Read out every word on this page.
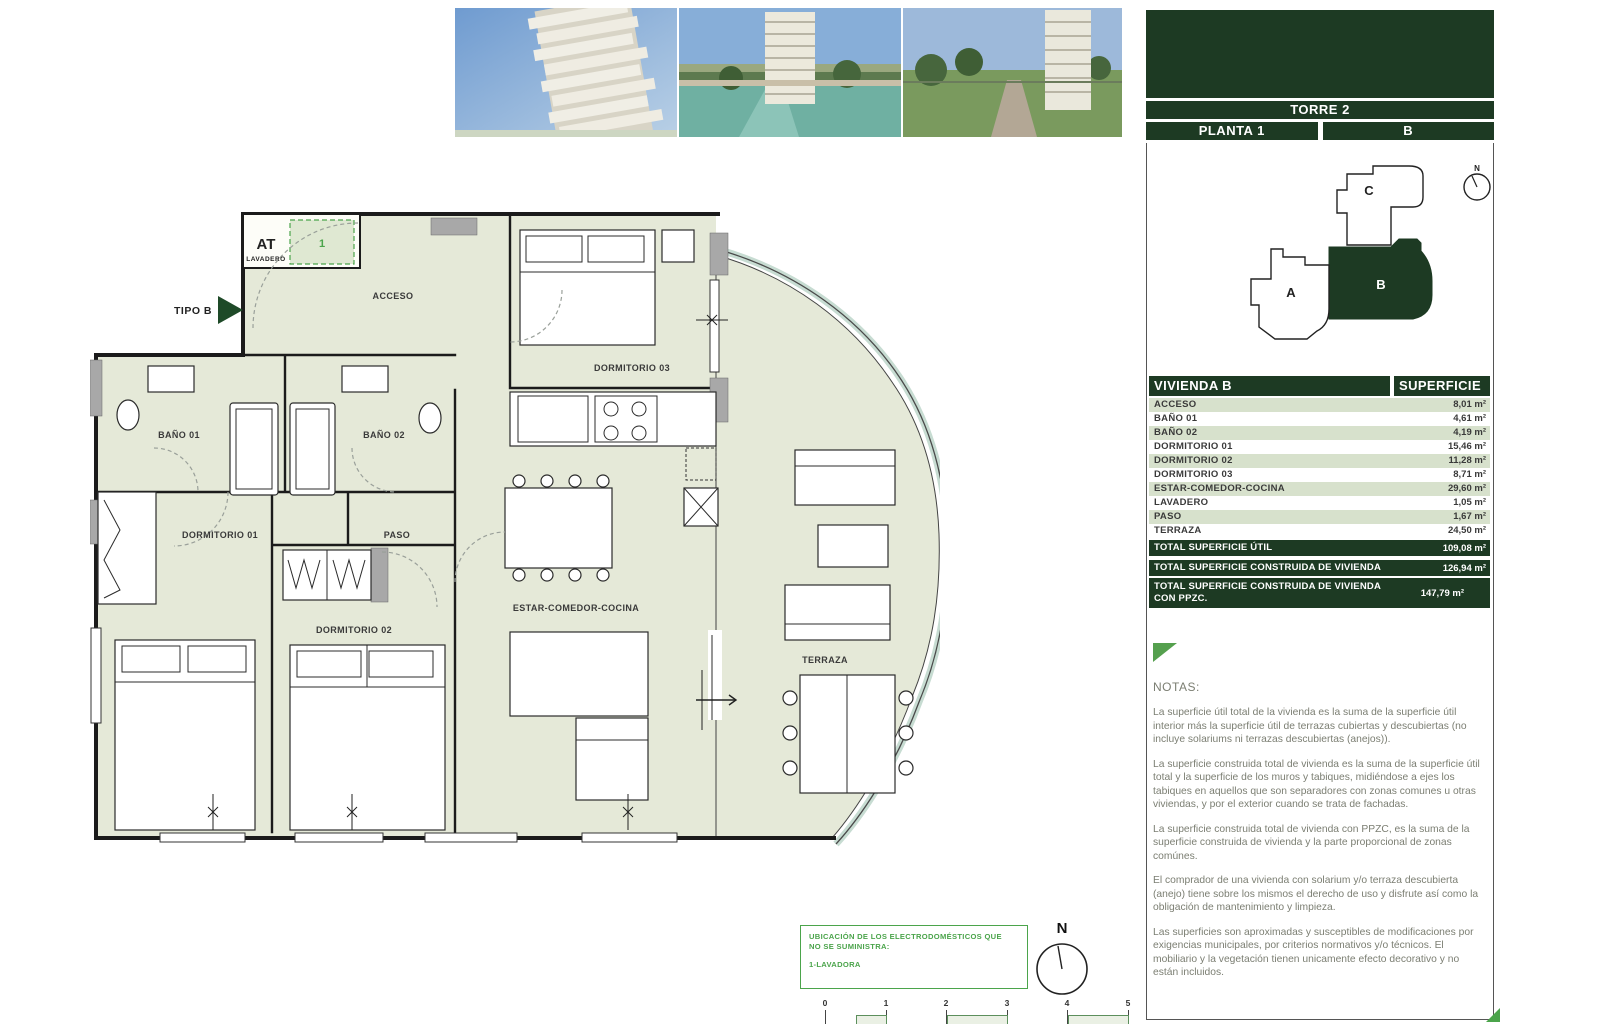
TIPO B
AT
LAVADERO
1
ACCESO
DORMITORIO 03
BAÑO 01	BAÑO 02
DORMITORIO 01	PASO
DORMITORIO 02
ESTAR-COMEDOR-COCINA
TERRAZA
TORRE 2
PLANTA 1	B
N
A
B
C
VIVIENDA B	SUPERFICIE
ACCESO	8,01 m²
BAÑO 01	4,61 m²
BAÑO 02	4,19 m²
DORMITORIO 01	15,46 m²
DORMITORIO 02	11,28 m²
DORMITORIO 03	8,71 m²
ESTAR-COMEDOR-COCINA	29,60 m²
LAVADERO	1,05 m²
PASO	1,67 m²
TERRAZA	24,50 m²
TOTAL SUPERFICIE ÚTIL	109,08 m²
TOTAL SUPERFICIE CONSTRUIDA DE VIVIENDA	126,94 m²
TOTAL SUPERFICIE CONSTRUIDA DE VIVIENDA CON PPZC.	147,79 m²
NOTAS:

La superficie útil total de la vivienda es la suma de la superficie útil interior más la superficie útil de terrazas cubiertas y descubiertas (no incluye solariums ni terrazas descubiertas (anejos)).

La superficie construida total de vivienda es la suma de la superficie útil total y la superficie de los muros y tabiques, midiéndose a ejes los tabiques en aquellos que son separadores con zonas comunes u otras viviendas, y por el exterior cuando se trata de fachadas.

La superficie construida total de vivienda con PPZC, es la suma de la superficie construida de vivienda y la parte proporcional de zonas comúnes.

El comprador de una vivienda con solarium y/o terraza descubierta (anejo) tiene sobre los mismos el derecho de uso y disfrute así como la obligación de mantenimiento y limpieza.

Las superficies son aproximadas y susceptibles de modificaciones por exigencias municipales, por criterios normativos y/o técnicos. El mobiliario y la vegetación tienen unicamente efecto decorativo y no están incluidos.

UBICACIÓN DE LOS ELECTRODOMÉSTICOS QUE
NO SE SUMINISTRA:
1-LAVADORA
N
0	1	2	3	4	5
